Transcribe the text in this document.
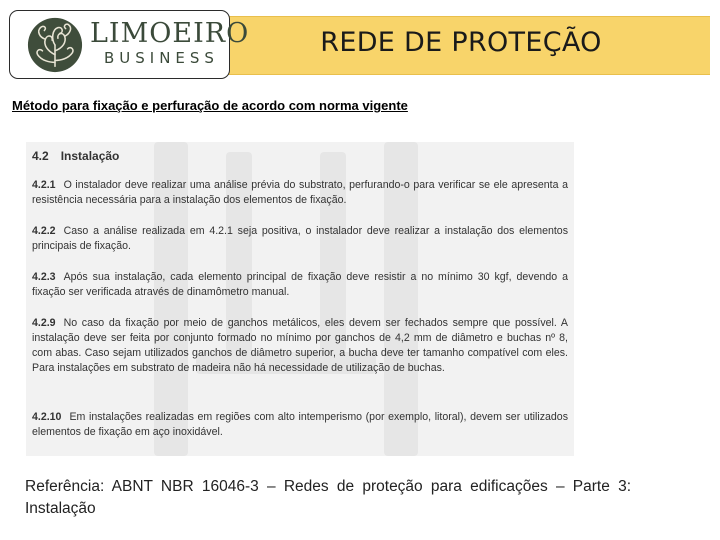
REDE DE PROTEÇÃO
LIMOEIRO
BUSINESS
Método para fixação e perfuração de acordo com norma vigente
4.2 Instalação
4.2.1 O instalador deve realizar uma análise prévia do substrato, perfurando-o para verificar se ele apresenta a resistência necessária para a instalação dos elementos de fixação.
4.2.2 Caso a análise realizada em 4.2.1 seja positiva, o instalador deve realizar a instalação dos elementos principais de fixação.
4.2.3 Após sua instalação, cada elemento principal de fixação deve resistir a no mínimo 30 kgf, devendo a fixação ser verificada através de dinamômetro manual.
4.2.9 No caso da fixação por meio de ganchos metálicos, eles devem ser fechados sempre que possível. A instalação deve ser feita por conjunto formado no mínimo por ganchos de 4,2 mm de diâmetro e buchas nº 8, com abas. Caso sejam utilizados ganchos de diâmetro superior, a bucha deve ter tamanho compatível com eles. Para instalações em substrato de madeira não há necessidade de utilização de buchas.
4.2.10 Em instalações realizadas em regiões com alto intemperismo (por exemplo, litoral), devem ser utilizados elementos de fixação em aço inoxidável.
Referência: ABNT NBR 16046-3 – Redes de proteção para edificações – Parte 3: Instalação
